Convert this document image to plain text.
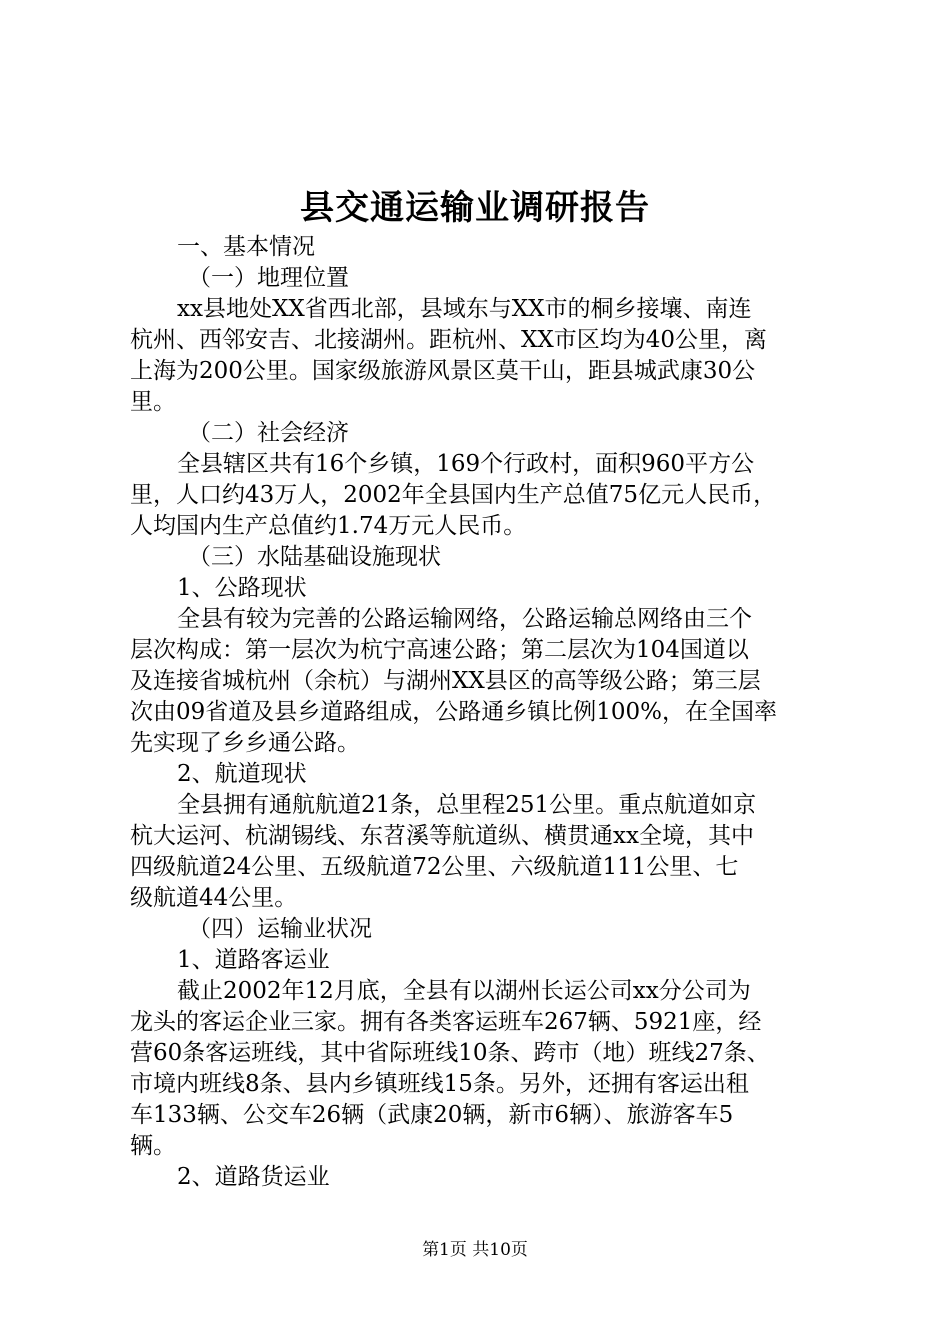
县交通运输业调研报告
一、基本情况
（一）地理位置
xx县地处XX省西北部，县域东与XX市的桐乡接壤、南连
杭州、西邻安吉、北接湖州。距杭州、XX市区均为40公里，离
上海为200公里。国家级旅游风景区莫干山，距县城武康30公
里。
（二）社会经济
全县辖区共有16个乡镇，169个行政村，面积960平方公
里，人口约43万人，2002年全县国内生产总值75亿元人民币，
人均国内生产总值约1.74万元人民币。
（三）水陆基础设施现状
1、公路现状
全县有较为完善的公路运输网络，公路运输总网络由三个
层次构成：第一层次为杭宁高速公路；第二层次为104国道以
及连接省城杭州（余杭）与湖州XX县区的高等级公路；第三层
次由09省道及县乡道路组成，公路通乡镇比例100%，在全国率
先实现了乡乡通公路。
2、航道现状
全县拥有通航航道21条，总里程251公里。重点航道如京
杭大运河、杭湖锡线、东苕溪等航道纵、横贯通xx全境，其中
四级航道24公里、五级航道72公里、六级航道111公里、七
级航道44公里。
（四）运输业状况
1、道路客运业
截止2002年12月底，全县有以湖州长运公司xx分公司为
龙头的客运企业三家。拥有各类客运班车267辆、5921座，经
营60条客运班线，其中省际班线10条、跨市（地）班线27条、
市境内班线8条、县内乡镇班线15条。另外，还拥有客运出租
车133辆、公交车26辆（武康20辆，新市6辆）、旅游客车5
辆。
2、道路货运业
第1页 共10页
